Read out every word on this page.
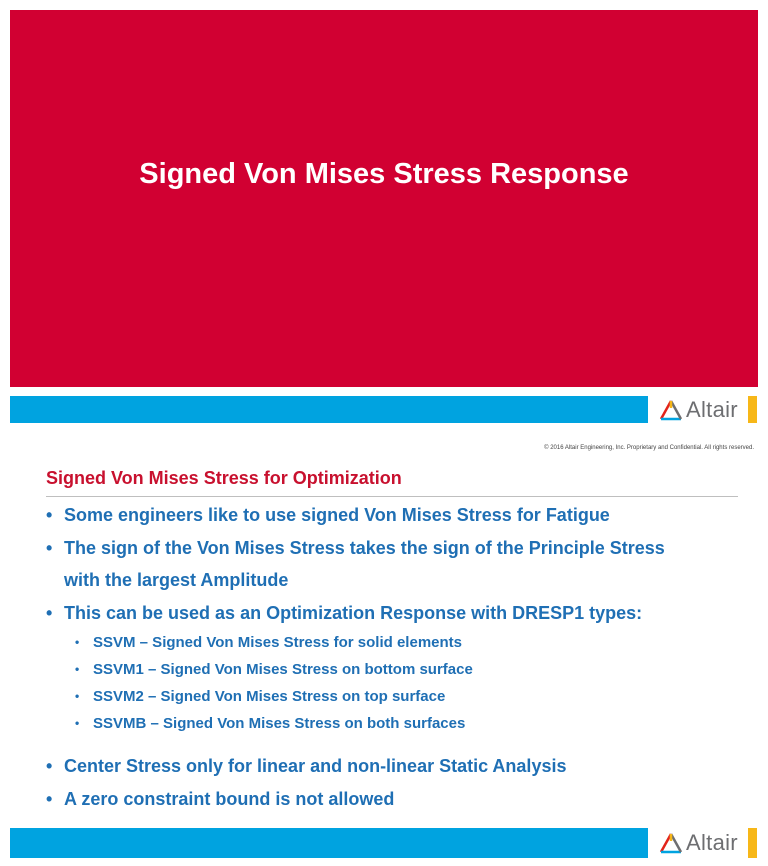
Signed Von Mises Stress Response
Altair
© 2016 Altair Engineering, Inc. Proprietary and Confidential. All rights reserved.
Signed Von Mises Stress for Optimization
• Some engineers like to use signed Von Mises Stress for Fatigue
• The sign of the Von Mises Stress takes the sign of the Principle Stress
with the largest Amplitude
• This can be used as an Optimization Response with DRESP1 types:
• SSVM – Signed Von Mises Stress for solid elements
• SSVM1 – Signed Von Mises Stress on bottom surface
• SSVM2 – Signed Von Mises Stress on top surface
• SSVMB – Signed Von Mises Stress on both surfaces
• Center Stress only for linear and non-linear Static Analysis
• A zero constraint bound is not allowed
Altair
